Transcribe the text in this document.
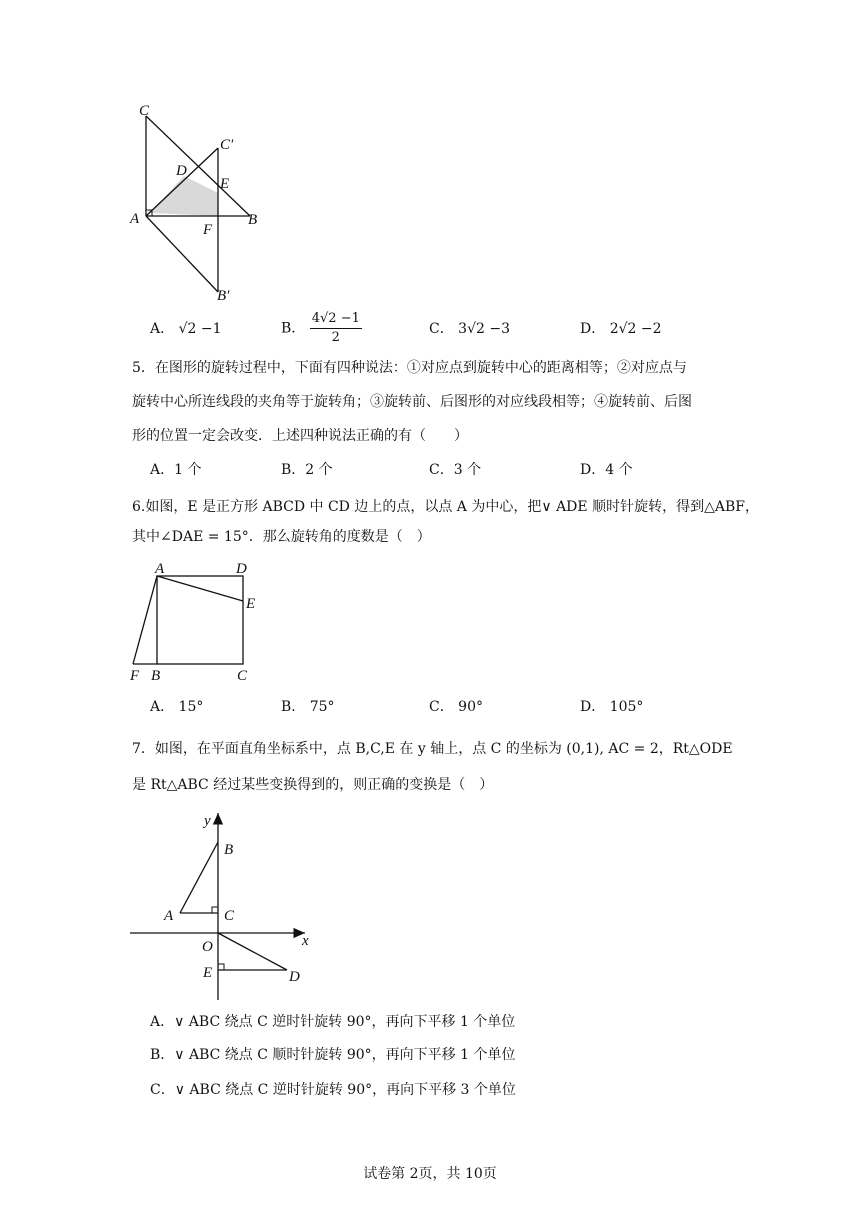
C
C′
D
E
A
F
B
B′
A． √2 −1	B． $\frac{4√2 -1}{2}$	C． 3√2 −3	D． 2√2 −2
5．在图形的旋转过程中，下面有四种说法：①对应点到旋转中心的距离相等；②对应点与
旋转中心所连线段的夹角等于旋转角；③旋转前、后图形的对应线段相等；④旋转前、后图
形的位置一定会改变．上述四种说法正确的有（　　）
A．1 个	B．2 个	C．3 个	D．4 个
6.如图，E 是正方形 ABCD 中 CD 边上的点，以点 A 为中心，把∨ ADE 顺时针旋转，得到△ABF，
其中∠DAE = 15°．那么旋转角的度数是（　）
A	D
E
F B	C
A． 15°	B． 75°	C． 90°	D． 105°
7．如图，在平面直角坐标系中，点 B,C,E 在 y 轴上，点 C 的坐标为 (0,1), AC = 2，Rt△ODE
是 Rt△ABC 经过某些变换得到的，则正确的变换是（　）
y
x
B
A	C
O
E	D
A．∨ ABC 绕点 C 逆时针旋转 90°，再向下平移 1 个单位
B．∨ ABC 绕点 C 顺时针旋转 90°，再向下平移 1 个单位
C．∨ ABC 绕点 C 逆时针旋转 90°，再向下平移 3 个单位
试卷第 2页，共 10页
